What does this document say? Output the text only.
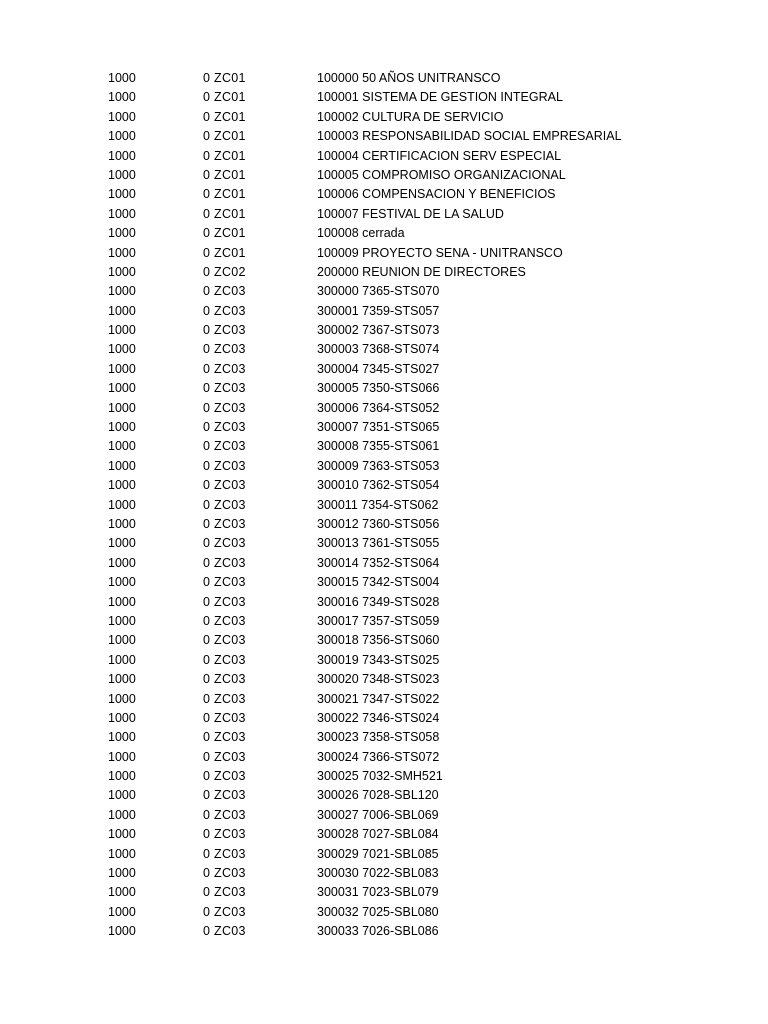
1000	0 ZC01	100000 50 AÑOS UNITRANSCO
1000	0 ZC01	100001 SISTEMA DE GESTION INTEGRAL
1000	0 ZC01	100002 CULTURA DE SERVICIO
1000	0 ZC01	100003 RESPONSABILIDAD SOCIAL EMPRESARIAL
1000	0 ZC01	100004 CERTIFICACION SERV ESPECIAL
1000	0 ZC01	100005 COMPROMISO ORGANIZACIONAL
1000	0 ZC01	100006 COMPENSACION Y BENEFICIOS
1000	0 ZC01	100007 FESTIVAL DE LA SALUD
1000	0 ZC01	100008 cerrada
1000	0 ZC01	100009 PROYECTO SENA - UNITRANSCO
1000	0 ZC02	200000 REUNION DE DIRECTORES
1000	0 ZC03	300000 7365-STS070
1000	0 ZC03	300001 7359-STS057
1000	0 ZC03	300002 7367-STS073
1000	0 ZC03	300003 7368-STS074
1000	0 ZC03	300004 7345-STS027
1000	0 ZC03	300005 7350-STS066
1000	0 ZC03	300006 7364-STS052
1000	0 ZC03	300007 7351-STS065
1000	0 ZC03	300008 7355-STS061
1000	0 ZC03	300009 7363-STS053
1000	0 ZC03	300010 7362-STS054
1000	0 ZC03	300011 7354-STS062
1000	0 ZC03	300012 7360-STS056
1000	0 ZC03	300013 7361-STS055
1000	0 ZC03	300014 7352-STS064
1000	0 ZC03	300015 7342-STS004
1000	0 ZC03	300016 7349-STS028
1000	0 ZC03	300017 7357-STS059
1000	0 ZC03	300018 7356-STS060
1000	0 ZC03	300019 7343-STS025
1000	0 ZC03	300020 7348-STS023
1000	0 ZC03	300021 7347-STS022
1000	0 ZC03	300022 7346-STS024
1000	0 ZC03	300023 7358-STS058
1000	0 ZC03	300024 7366-STS072
1000	0 ZC03	300025 7032-SMH521
1000	0 ZC03	300026 7028-SBL120
1000	0 ZC03	300027 7006-SBL069
1000	0 ZC03	300028 7027-SBL084
1000	0 ZC03	300029 7021-SBL085
1000	0 ZC03	300030 7022-SBL083
1000	0 ZC03	300031 7023-SBL079
1000	0 ZC03	300032 7025-SBL080
1000	0 ZC03	300033 7026-SBL086
